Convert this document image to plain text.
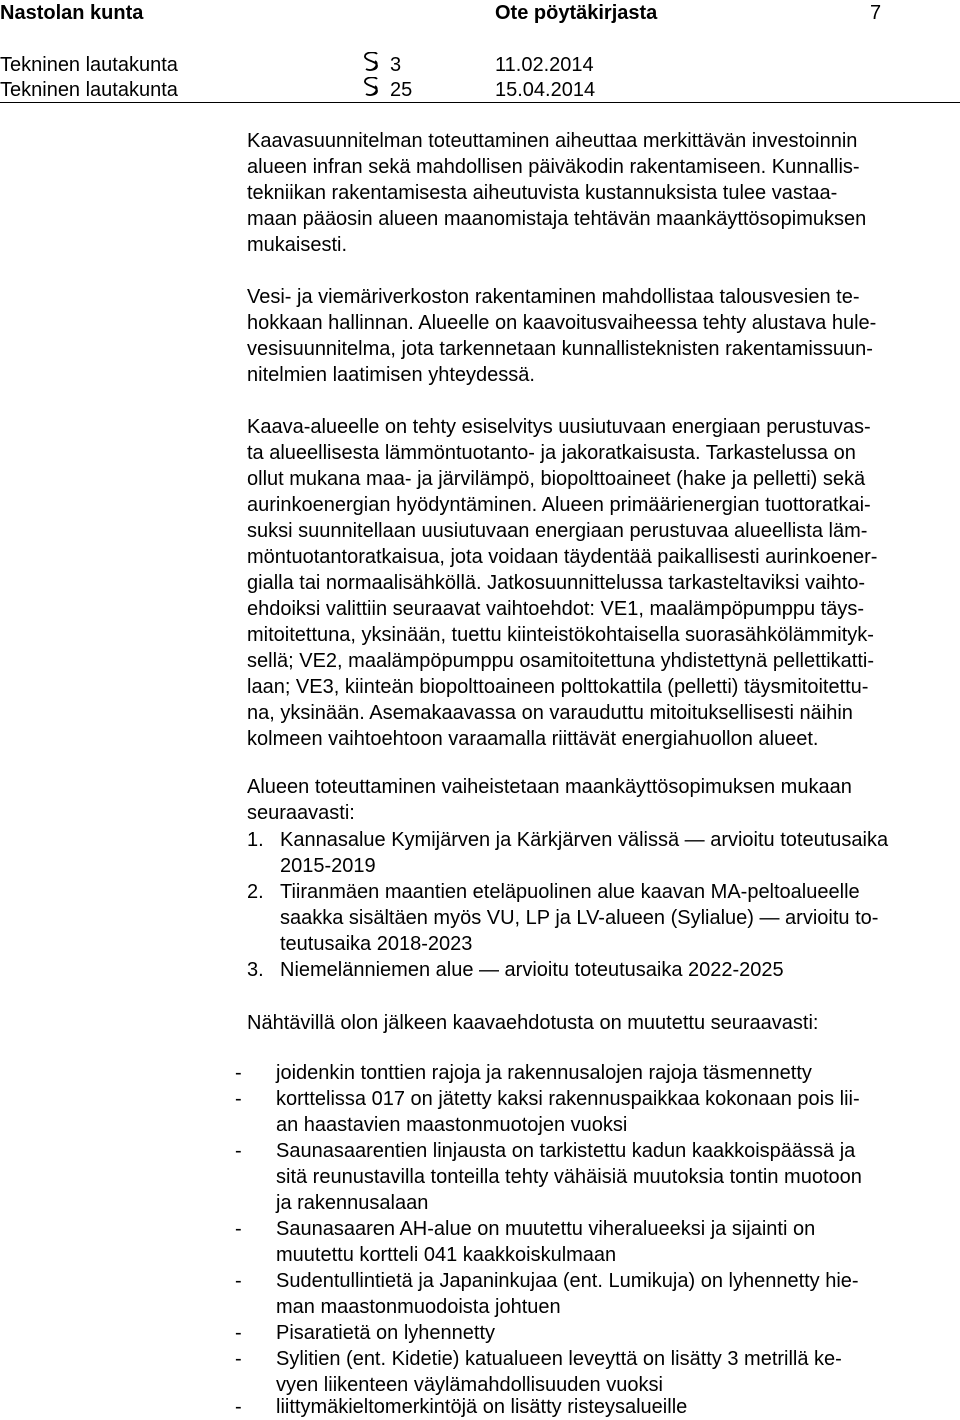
Nastolan kunta	Ote pöytäkirjasta	7
Tekninen lautakunta	3	11.02.2014
Tekninen lautakunta	25	15.04.2014
Kaavasuunnitelman toteuttaminen aiheuttaa merkittävän investoinnin
alueen infran sekä mahdollisen päiväkodin rakentamiseen. Kunnallis-
tekniikan rakentamisesta aiheutuvista kustannuksista tulee vastaa-
maan pääosin alueen maanomistaja tehtävän maankäyttösopimuksen
mukaisesti.
Vesi- ja viemäriverkoston rakentaminen mahdollistaa talousvesien te-
hokkaan hallinnan. Alueelle on kaavoitusvaiheessa tehty alustava hule-
vesisuunnitelma, jota tarkennetaan kunnallisteknisten rakentamissuun-
nitelmien laatimisen yhteydessä.
Kaava-alueelle on tehty esiselvitys uusiutuvaan energiaan perustuvas-
ta alueellisesta lämmöntuotanto- ja jakoratkaisusta. Tarkastelussa on
ollut mukana maa- ja järvilämpö, biopolttoaineet (hake ja pelletti) sekä
aurinkoenergian hyödyntäminen. Alueen primäärienergian tuottoratkai-
suksi suunnitellaan uusiutuvaan energiaan perustuvaa alueellista läm-
möntuotantoratkaisua, jota voidaan täydentää paikallisesti aurinkoener-
gialla tai normaalisähköllä. Jatkosuunnittelussa tarkasteltaviksi vaihto-
ehdoiksi valittiin seuraavat vaihtoehdot: VE1, maalämpöpumppu täys-
mitoitettuna, yksinään, tuettu kiinteistökohtaisella suorasähkölämmityk-
sellä; VE2, maalämpöpumppu osamitoitettuna yhdistettynä pellettikatti-
laan; VE3, kiinteän biopolttoaineen polttokattila (pelletti) täysmitoitettu-
na, yksinään. Asemakaavassa on varauduttu mitoituksellisesti näihin
kolmeen vaihtoehtoon varaamalla riittävät energiahuollon alueet.
Alueen toteuttaminen vaiheistetaan maankäyttösopimuksen mukaan
seuraavasti:
1. Kannasalue Kymijärven ja Kärkjärven välissä — arvioitu toteutusaika
2015-2019
2. Tiiranmäen maantien eteläpuolinen alue kaavan MA-peltoalueelle
saakka sisältäen myös VU, LP ja LV-alueen (Sylialue) — arvioitu to-
teutusaika 2018-2023
3. Niemelänniemen alue — arvioitu toteutusaika 2022-2025
Nähtävillä olon jälkeen kaavaehdotusta on muutettu seuraavasti:
- joidenkin tonttien rajoja ja rakennusalojen rajoja täsmennetty
- korttelissa 017 on jätetty kaksi rakennuspaikkaa kokonaan pois lii-
an haastavien maastonmuotojen vuoksi
- Saunasaarentien linjausta on tarkistettu kadun kaakkoispäässä ja
sitä reunustavilla tonteilla tehty vähäisiä muutoksia tontin muotoon
ja rakennusalaan
- Saunasaaren AH-alue on muutettu viheralueeksi ja sijainti on
muutettu kortteli 041 kaakkoiskulmaan
- Sudentullintietä ja Japaninkujaa (ent. Lumikuja) on lyhennetty hie-
man maastonmuodoista johtuen
- Pisaratietä on lyhennetty
- Sylitien (ent. Kidetie) katualueen leveyttä on lisätty 3 metrillä ke-
vyen liikenteen väylämahdollisuuden vuoksi
- liittymäkieltomerkintöjä on lisätty risteysalueille
